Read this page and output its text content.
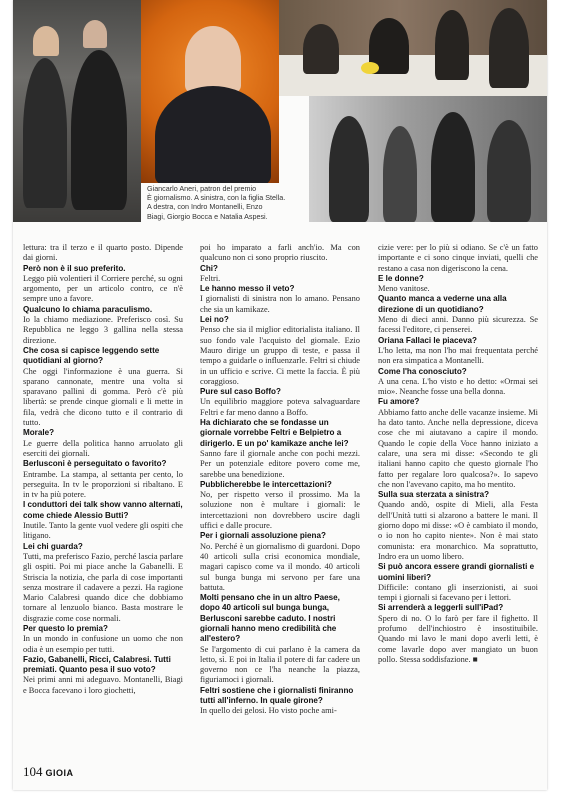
Giancarlo Aneri, patron del premio
È giornalismo. A sinistra, con la figlia Stella.
A destra, con Indro Montanelli, Enzo
Biagi, Giorgio Bocca e Natalia Aspesi.

lettura: tra il terzo e il quarto posto. Dipende dai giorni.

Però non è il suo preferito.

Leggo più volentieri il Corriere perché, su ogni argomento, per un articolo contro, ce n'è sempre uno a favore.

Qualcuno lo chiama paraculismo.

Io la chiamo mediazione. Preferisco così. Su Repubblica ne leggo 3 gallina nella stessa direzione.

Che cosa si capisce leggendo sette quotidiani al giorno?

Che oggi l'informazione è una guerra. Si sparano cannonate, mentre una volta si sparavano pallini di gomma. Però c'è più libertà: se prende cinque giornali e li mette in fila, vedrà che dicono tutto e il contrario di tutto.

Morale?

Le guerre della politica hanno arruolato gli eserciti dei giornali.

Berlusconi è perseguitato o favorito?

Entrambe. La stampa, al settanta per cento, lo perseguita. In tv le proporzioni si ribaltano. E in tv ha più potere.

I conduttori dei talk show vanno alternati, come chiede Alessio Butti?

Inutile. Tanto la gente vuol vedere gli ospiti che litigano.

Lei chi guarda?

Tutti, ma preferisco Fazio, perché lascia parlare gli ospiti. Poi mi piace anche la Gabanelli. E Striscia la notizia, che parla di cose importanti senza mostrare il cadavere a pezzi. Ha ragione Mario Calabresi quando dice che dobbiamo tornare al lenzuolo bianco. Basta mostrare le disgrazie come cose normali.

Per questo lo premia?

In un mondo in confusione un uomo che non odia è un esempio per tutti.

Fazio, Gabanelli, Ricci, Calabresi. Tutti premiati. Quanto pesa il suo voto?

Nei primi anni mi adeguavo. Montanelli, Biagi e Bocca facevano i loro giochetti,

poi ho imparato a farli anch'io. Ma con qualcuno non ci sono proprio riuscito.

Chi?

Feltri.

Le hanno messo il veto?

I giornalisti di sinistra non lo amano. Pensano che sia un kamikaze.

Lei no?

Penso che sia il miglior editorialista italiano. Il suo fondo vale l'acquisto del giornale. Ezio Mauro dirige un gruppo di teste, e passa il tempo a guidarle o influenzarle. Feltri si chiude in un ufficio e scrive. Ci mette la faccia. È più coraggioso.

Pure sul caso Boffo?

Un equilibrio maggiore poteva salvaguardare Feltri e far meno danno a Boffo.

Ha dichiarato che se fondasse un giornale vorrebbe Feltri e Belpietro a dirigerlo. E un po' kamikaze anche lei?

Sanno fare il giornale anche con pochi mezzi. Per un potenziale editore povero come me, sarebbe una benedizione.

Pubblicherebbe le intercettazioni?

No, per rispetto verso il prossimo. Ma la soluzione non è multare i giornali: le intercettazioni non dovrebbero uscire dagli uffici e dalle procure.

Per i giornali assoluzione piena?

No. Perché è un giornalismo di guardoni. Dopo 40 articoli sulla crisi economica mondiale, magari capisco come va il mondo. 40 articoli sul bunga bunga mi servono per fare una battuta.

Molti pensano che in un altro Paese, dopo 40 articoli sul bunga bunga, Berlusconi sarebbe caduto. I nostri giornali hanno meno credibilità che all'estero?

Se l'argomento di cui parlano è la camera da letto, sì. E poi in Italia il potere di far cadere un governo non ce l'ha neanche la piazza, figuriamoci i giornali.

Feltri sostiene che i giornalisti finiranno tutti all'inferno. In quale girone?

In quello dei gelosi. Ho visto poche ami-

cizie vere: per lo più si odiano. Se c'è un fatto importante e ci sono cinque inviati, quelli che restano a casa non digeriscono la cena.

E le donne?

Meno vanitose.

Quanto manca a vederne una alla direzione di un quotidiano?

Meno di dieci anni. Danno più sicurezza. Se facessi l'editore, ci penserei.

Oriana Fallaci le piaceva?

L'ho letta, ma non l'ho mai frequentata perché non era simpatica a Montanelli.

Come l'ha conosciuto?

A una cena. L'ho visto e ho detto: «Ormai sei mio». Neanche fosse una bella donna.

Fu amore?

Abbiamo fatto anche delle vacanze insieme. Mi ha dato tanto. Anche nella depressione, diceva cose che mi aiutavano a capire il mondo. Quando le copie della Voce hanno iniziato a calare, una sera mi disse: «Secondo te gli italiani hanno capito che questo giornale l'ho fatto per regalare loro qualcosa?». Io sapevo che non l'avevano capito, ma ho mentito.

Sulla sua sterzata a sinistra?

Quando andò, ospite di Mieli, alla Festa dell'Unità tutti si alzarono a battere le mani. Il giorno dopo mi disse: «O è cambiato il mondo, o io non ho capito niente». Non è mai stato comunista: era monarchico. Ma soprattutto, Indro era un uomo libero.

Si può ancora essere grandi giornalisti e uomini liberi?

Difficile: contano gli inserzionisti, ai suoi tempi i giornali si facevano per i lettori.

Si arrenderà a leggerli sull'iPad?

Spero di no. O lo farò per fare il fighetto. Il profumo dell'inchiostro è insostituibile. Quando mi lavo le mani dopo averli letti, è come lavarle dopo aver mangiato un buon pollo. Stessa soddisfazione. ■

104 GIOIA
